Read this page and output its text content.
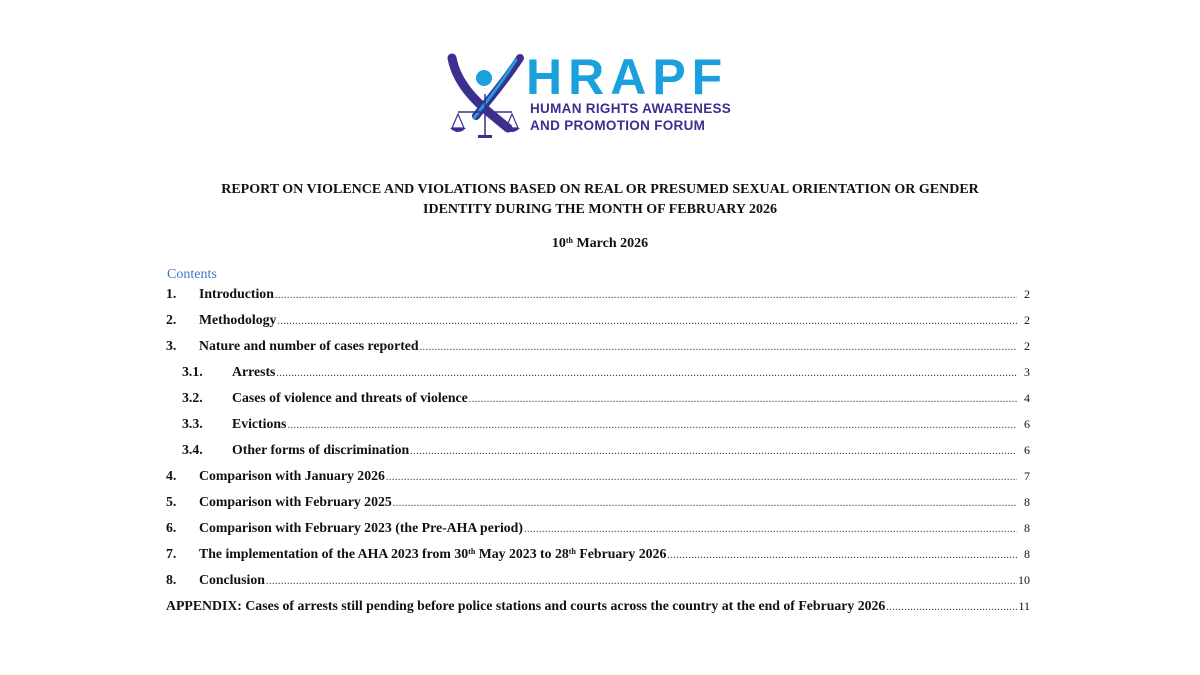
HRAPF
HUMAN RIGHTS AWARENESS
AND PROMOTION FORUM
REPORT ON VIOLENCE AND VIOLATIONS BASED ON REAL OR PRESUMED SEXUAL ORIENTATION OR GENDER
IDENTITY DURING THE MONTH OF FEBRUARY 2026
10th March 2026
Contents
1.	Introduction .....	2
2.	Methodology .....	2
3.	Nature and number of cases reported .....	2
3.1.	Arrests .....	3
3.2.	Cases of violence and threats of violence .....	4
3.3.	Evictions .....	6
3.4.	Other forms of discrimination .....	6
4.	Comparison with January 2026 .....	7
5.	Comparison with February 2025 .....	8
6.	Comparison with February 2023 (the Pre-AHA period) .....	8
7.	The implementation of the AHA 2023 from 30th May 2023 to 28th February 2026 .....	8
8.	Conclusion .....	10
APPENDIX: Cases of arrests still pending before police stations and courts across the country at the end of February 2026 .....	11
